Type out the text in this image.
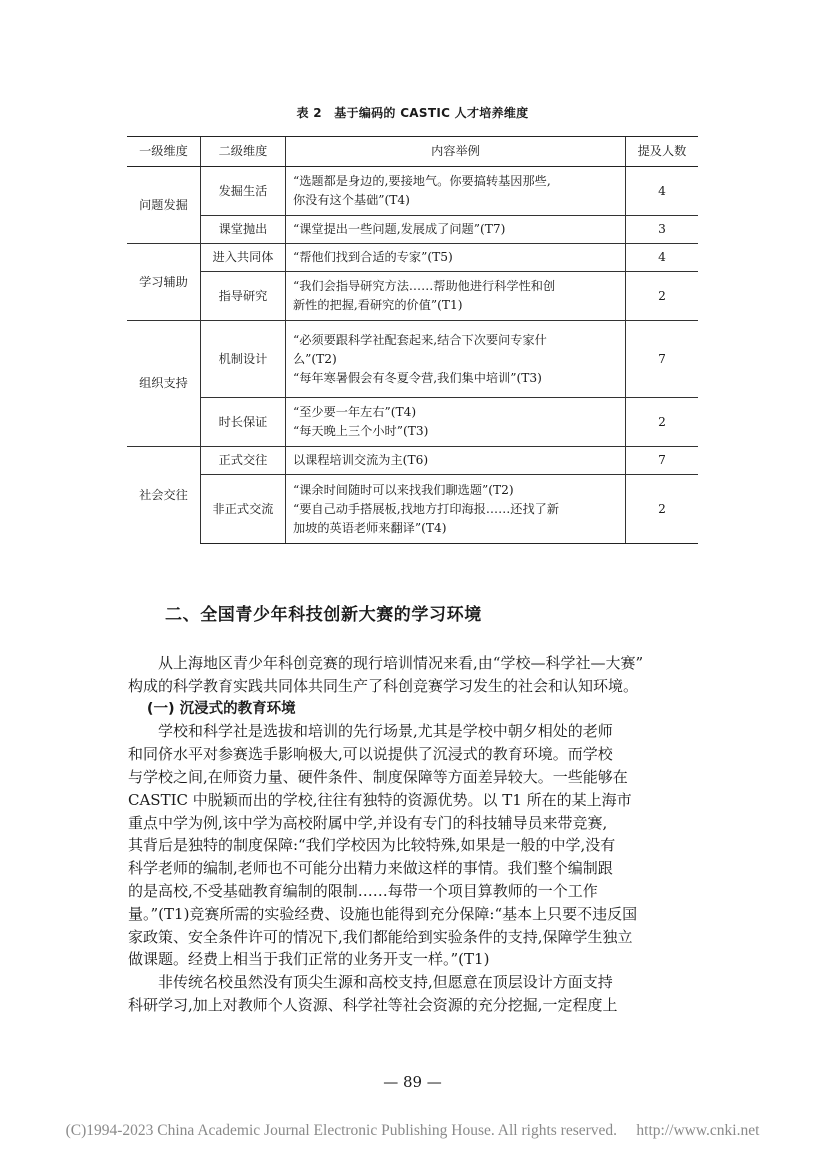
表 2　基于编码的 CASTIC 人才培养维度
一级维度	二级维度	内容举例	提及人数
问题发掘	发掘生活	“选题都是身边的,要接地气。你要搞转基因那些,
你没有这个基础”(T4)	4
	课堂抛出	“课堂提出一些问题,发展成了问题”(T7)	3
学习辅助	进入共同体	“帮他们找到合适的专家”(T5)	4
	指导研究	“我们会指导研究方法……帮助他进行科学性和创
新性的把握,看研究的价值”(T1)	2
组织支持	机制设计	“必须要跟科学社配套起来,结合下次要问专家什
么”(T2)
“每年寒暑假会有冬夏令营,我们集中培训”(T3)	7
	时长保证	“至少要一年左右”(T4)
“每天晚上三个小时”(T3)	2
社会交往	正式交往	以课程培训交流为主(T6)	7
	非正式交流	“课余时间随时可以来找我们聊选题”(T2)
“要自己动手搭展板,找地方打印海报……还找了新
加坡的英语老师来翻译”(T4)	2
二、全国青少年科技创新大赛的学习环境

从上海地区青少年科创竞赛的现行培训情况来看,由“学校—科学社—大赛”

构成的科学教育实践共同体共同生产了科创竞赛学习发生的社会和认知环境。

(一) 沉浸式的教育环境

学校和科学社是选拔和培训的先行场景,尤其是学校中朝夕相处的老师

和同侪水平对参赛选手影响极大,可以说提供了沉浸式的教育环境。而学校
与学校之间,在师资力量、硬件条件、制度保障等方面差异较大。一些能够在
CASTIC 中脱颖而出的学校,往往有独特的资源优势。以 T1 所在的某上海市
重点中学为例,该中学为高校附属中学,并设有专门的科技辅导员来带竞赛,
其背后是独特的制度保障:“我们学校因为比较特殊,如果是一般的中学,没有
科学老师的编制,老师也不可能分出精力来做这样的事情。我们整个编制跟
的是高校,不受基础教育编制的限制……每带一个项目算教师的一个工作
量。”(T1)竞赛所需的实验经费、设施也能得到充分保障:“基本上只要不违反国
家政策、安全条件许可的情况下,我们都能给到实验条件的支持,保障学生独立
做课题。经费上相当于我们正常的业务开支一样。”(T1)

非传统名校虽然没有顶尖生源和高校支持,但愿意在顶层设计方面支持

科研学习,加上对教师个人资源、科学社等社会资源的充分挖掘,一定程度上

— 89 —
(C)1994-2023 China Academic Journal Electronic Publishing House. All rights reserved.　 http://www.cnki.net
